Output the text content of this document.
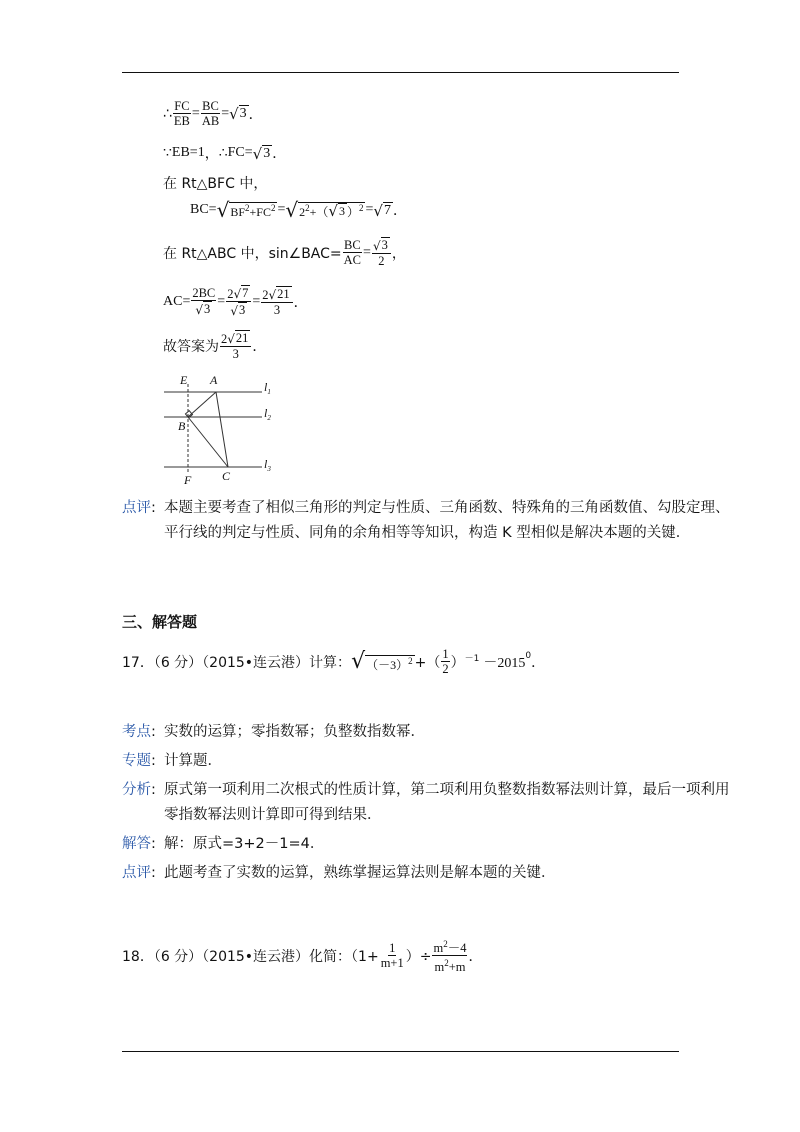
∴ $\frac{FC}{EB} = \frac{BC}{AB}$ = √ 3 ．
∵ EB=1 ， ∴ FC= √ 3 ．
在 Rt△BFC 中，
BC= √ $BF^2+FC^2$ = √ $2^2+$（ √ 3 ）$^2$ = √ 7 ．
在 Rt△ABC 中，sin∠BAC= $\frac{BC}{AC} = \frac{√ 3}{2}$ ，
$AC= \frac{2BC}{√ 3} = \frac{2 √ 7}{√ 3} = \frac{2 √ 21}{3}$ ．
故答案为 $\frac{2 √ 21}{3}$ ．
E A
B
F	C
$l_1$
$l_2$
$l_3$
点评: 本题主要考查了相似三角形的判定与性质、三角函数、特殊角的三角函数值、勾股定理、平行线的判定与性质、同角的余角相等等知识，构造 K 型相似是解决本题的关键．
三、解答题
17．（6 分）（2015•连云港）计算： √ $(-3)^2$ +（ $\frac{1}{2} )^{-1} -2015^0$ ．
考点: 实数的运算；零指数幂；负整数指数幂．
专题: 计算题．
分析: 原式第一项利用二次根式的性质计算，第二项利用负整数指数幂法则计算，最后一项利用零指数幂法则计算即可得到结果．
解答: 解：原式=3+2－1=4．
点评: 此题考查了实数的运算，熟练掌握运算法则是解本题的关键．
18．（6 分）（2015•连云港）化简：（$1+ \frac{1}{m+1}$ ）÷ $\frac{m^2-4}{m^2+m}$ ．
